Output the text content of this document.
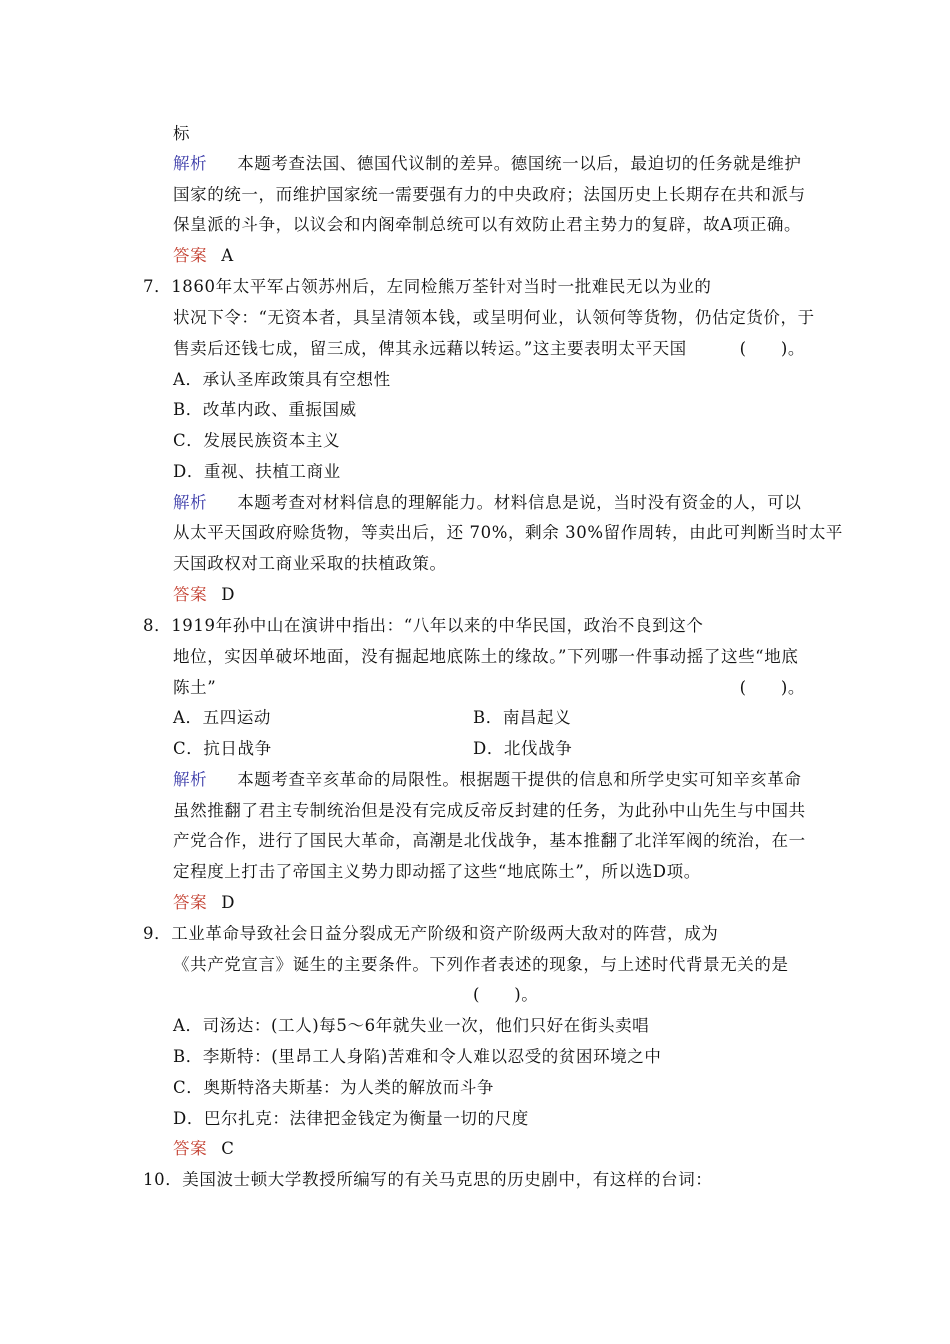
标
解析 本题考查法国、德国代议制的差异。德国统一以后，最迫切的任务就是维护
国家的统一，而维护国家统一需要强有力的中央政府；法国历史上长期存在共和派与
保皇派的斗争，以议会和内阁牵制总统可以有效防止君主势力的复辟，故A项正确。
答案 A
7．1860年太平军占领苏州后，左同检熊万荃针对当时一批难民无以为业的
状况下令：“无资本者，具呈清领本钱，或呈明何业，认领何等货物，仍估定货价，于
售卖后还钱七成，留三成，俾其永远藉以转运。”这主要表明太平天国	(　　)。
A．承认圣库政策具有空想性
B．改革内政、重振国威
C．发展民族资本主义
D．重视、扶植工商业
解析 本题考查对材料信息的理解能力。材料信息是说，当时没有资金的人，可以
从太平天国政府赊货物，等卖出后，还 70%，剩余 30%留作周转，由此可判断当时太平
天国政权对工商业采取的扶植政策。
答案 D
8．1919年孙中山在演讲中指出：“八年以来的中华民国，政治不良到这个
地位，实因单破坏地面，没有掘起地底陈土的缘故。”下列哪一件事动摇了这些“地底
陈土”	(　　)。
A．五四运动	B．南昌起义
C．抗日战争	D．北伐战争
解析 本题考查辛亥革命的局限性。根据题干提供的信息和所学史实可知辛亥革命
虽然推翻了君主专制统治但是没有完成反帝反封建的任务，为此孙中山先生与中国共
产党合作，进行了国民大革命，高潮是北伐战争，基本推翻了北洋军阀的统治，在一
定程度上打击了帝国主义势力即动摇了这些“地底陈土”，所以选D项。
答案 D
9．工业革命导致社会日益分裂成无产阶级和资产阶级两大敌对的阵营，成为
《共产党宣言》诞生的主要条件。下列作者表述的现象，与上述时代背景无关的是
(　　)。
A．司汤达：(工人)每5～6年就失业一次，他们只好在街头卖唱
B．李斯特：(里昂工人身陷)苦难和令人难以忍受的贫困环境之中
C．奥斯特洛夫斯基：为人类的解放而斗争
D．巴尔扎克：法律把金钱定为衡量一切的尺度
答案 C
10．美国波士顿大学教授所编写的有关马克思的历史剧中，有这样的台词：
